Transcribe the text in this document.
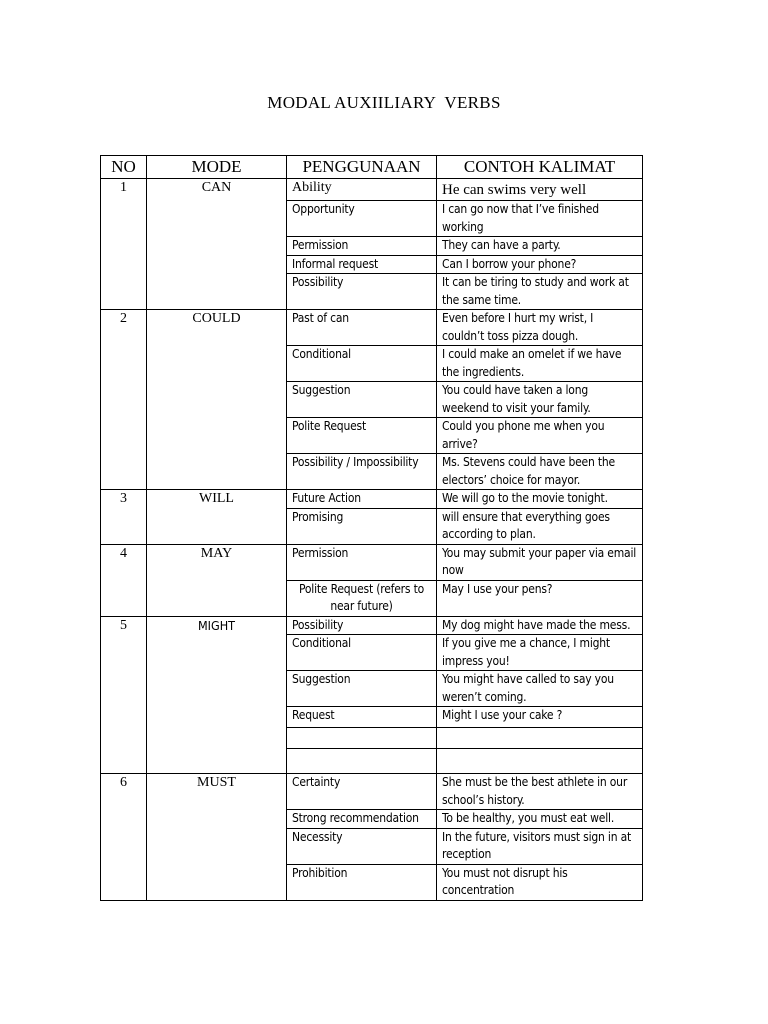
MODAL AUXIILIARY  VERBS
NO	MODE	PENGGUNAAN	CONTOH KALIMAT
1	CAN	Ability	He can swims very well
		Opportunity	I can go now that I’ve finished working
		Permission	They can have a party.
		Informal request	Can I borrow your phone?
		Possibility	It can be tiring to study and work at the same time.
2	COULD	Past of can	Even before I hurt my wrist, I couldn’t toss pizza dough.
		Conditional	I could make an omelet if we have the ingredients.
		Suggestion	You could have taken a long weekend to visit your family.
		Polite Request	Could you phone me when you arrive?
		Possibility / Impossibility	Ms. Stevens could have been the electors’ choice for mayor.
3	WILL	Future Action	We will go to the movie tonight.
		Promising	will ensure that everything goes according to plan.
4	MAY	Permission	You may submit your paper via email now
		Polite Request (refers to near future)	May I use your pens?
5	MIGHT	Possibility	My dog might have made the mess.
		Conditional	If you give me a chance, I might impress you!
		Suggestion	You might have called to say you weren’t coming.
		Request	Might I use your cake ?

6	MUST	Certainty	She must be the best athlete in our school’s history.
		Strong recommendation	To be healthy, you must eat well.
		Necessity	In the future, visitors must sign in at reception
		Prohibition	You must not disrupt his concentration
